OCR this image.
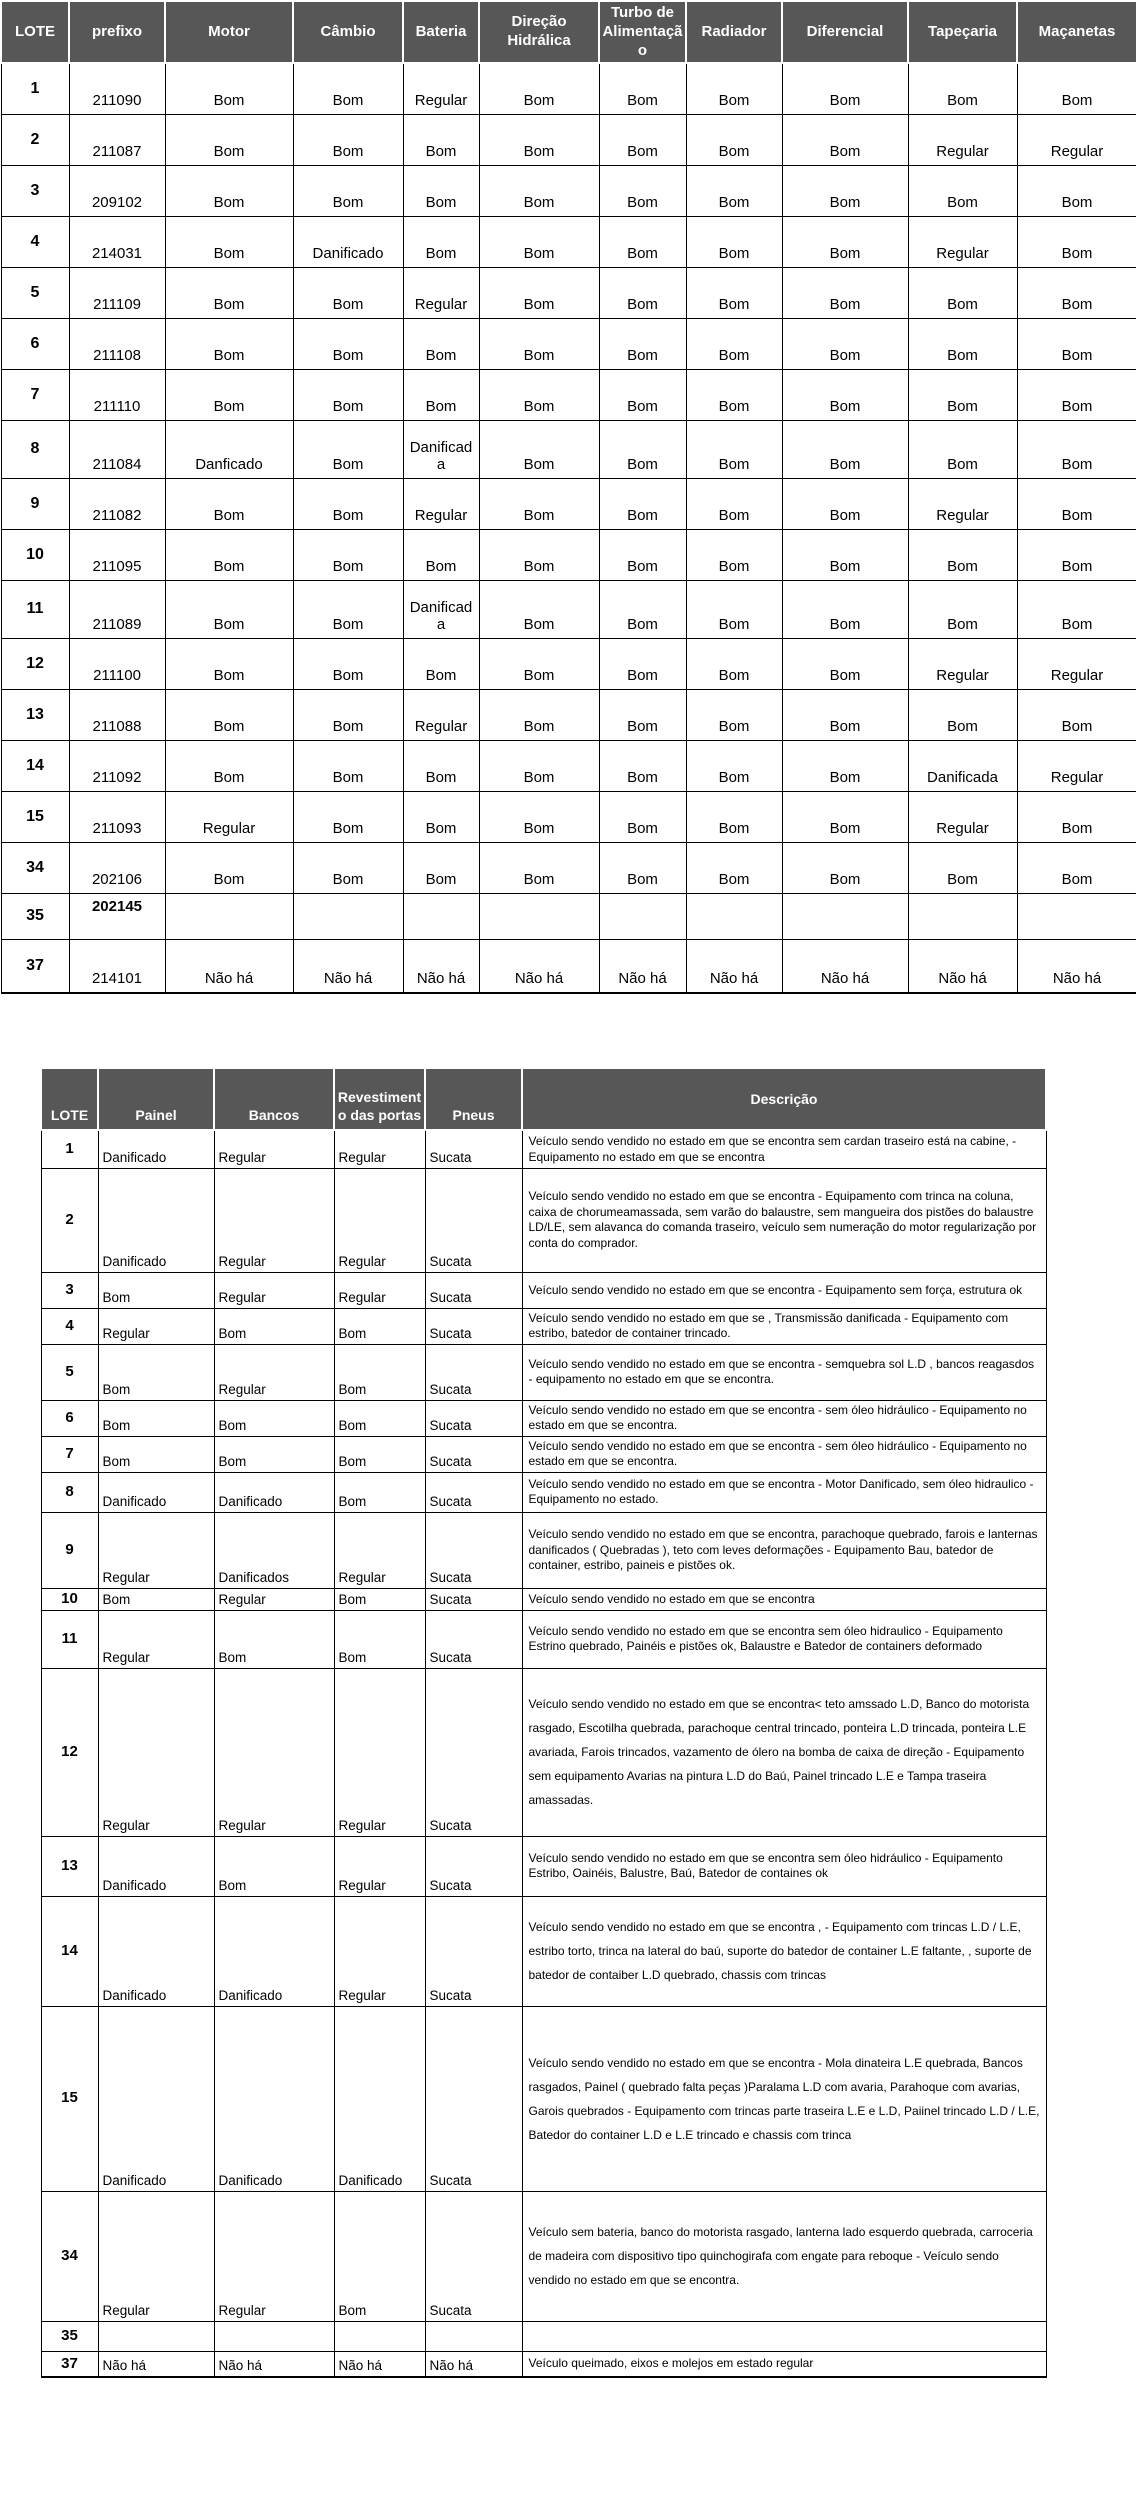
LOTE	prefixo	Motor	Câmbio	Bateria	Direção Hidrálica	Turbo de Alimentação	Radiador	Diferencial	Tapeçaria	Maçanetas
1	211090	Bom	Bom	Regular	Bom	Bom	Bom	Bom	Bom	Bom
2	211087	Bom	Bom	Bom	Bom	Bom	Bom	Bom	Regular	Regular
3	209102	Bom	Bom	Bom	Bom	Bom	Bom	Bom	Bom	Bom
4	214031	Bom	Danificado	Bom	Bom	Bom	Bom	Bom	Regular	Bom
5	211109	Bom	Bom	Regular	Bom	Bom	Bom	Bom	Bom	Bom
6	211108	Bom	Bom	Bom	Bom	Bom	Bom	Bom	Bom	Bom
7	211110	Bom	Bom	Bom	Bom	Bom	Bom	Bom	Bom	Bom
8	211084	Danficado	Bom	Danificada	Bom	Bom	Bom	Bom	Bom	Bom
9	211082	Bom	Bom	Regular	Bom	Bom	Bom	Bom	Regular	Bom
10	211095	Bom	Bom	Bom	Bom	Bom	Bom	Bom	Bom	Bom
11	211089	Bom	Bom	Danificada	Bom	Bom	Bom	Bom	Bom	Bom
12	211100	Bom	Bom	Bom	Bom	Bom	Bom	Bom	Regular	Regular
13	211088	Bom	Bom	Regular	Bom	Bom	Bom	Bom	Bom	Bom
14	211092	Bom	Bom	Bom	Bom	Bom	Bom	Bom	Danificada	Regular
15	211093	Regular	Bom	Bom	Bom	Bom	Bom	Bom	Regular	Bom
34	202106	Bom	Bom	Bom	Bom	Bom	Bom	Bom	Bom	Bom
35	202145									
37	214101	Não há	Não há	Não há	Não há	Não há	Não há	Não há	Não há	Não há
LOTE	Painel	Bancos	Revestimento das portas	Pneus	Descrição
1	Danificado	Regular	Regular	Sucata	Veículo sendo vendido no estado em que se encontra sem cardan traseiro está na cabine, - Equipamento no estado em que se encontra
2	Danificado	Regular	Regular	Sucata	Veículo sendo vendido no estado em que se encontra - Equipamento com trinca na coluna, caixa de chorumeamassada, sem varão do balaustre, sem mangueira dos pistões do balaustre LD/LE, sem alavanca do comanda traseiro, veículo sem numeração do motor regularização por conta do comprador.
3	Bom	Regular	Regular	Sucata	Veículo sendo vendido no estado em que se encontra - Equipamento sem força, estrutura ok
4	Regular	Bom	Bom	Sucata	Veículo sendo vendido no estado em que se , Transmissão danificada - Equipamento com estribo, batedor de container trincado.
5	Bom	Regular	Bom	Sucata	Veículo sendo vendido no estado em que se encontra - semquebra sol L.D , bancos reagasdos - equipamento no estado em que se encontra.
6	Bom	Bom	Bom	Sucata	Veículo sendo vendido no estado em que se encontra - sem óleo hidráulico - Equipamento no estado em que se encontra.
7	Bom	Bom	Bom	Sucata	Veículo sendo vendido no estado em que se encontra - sem óleo hidráulico - Equipamento no estado em que se encontra.
8	Danificado	Danificado	Bom	Sucata	Veículo sendo vendido no estado em que se encontra - Motor Danificado, sem óleo hidraulico - Equipamento no estado.
9	Regular	Danificados	Regular	Sucata	Veículo sendo vendido no estado em que se encontra, parachoque quebrado, farois e lanternas danificados ( Quebradas ), teto com leves deformações - Equipamento Bau, batedor de container, estribo, paineis e pistões ok.
10	Bom	Regular	Bom	Sucata	Veículo sendo vendido no estado em que se encontra
11	Regular	Bom	Bom	Sucata	Veículo sendo vendido no estado em que se encontra sem óleo hidraulico - Equipamento Estrino quebrado, Painéis e pistões ok, Balaustre e Batedor de containers deformado
12	Regular	Regular	Regular	Sucata	Veículo sendo vendido no estado em que se encontra< teto amssado L.D, Banco do motorista rasgado, Escotilha quebrada, parachoque central trincado, ponteira L.D trincada, ponteira L.E avariada, Farois trincados, vazamento de ólero na bomba de caixa de direção - Equipamento sem equipamento Avarias na pintura L.D do Baú, Painel trincado L.E e Tampa traseira amassadas.
13	Danificado	Bom	Regular	Sucata	Veículo sendo vendido no estado em que se encontra sem óleo hidráulico - Equipamento Estribo, Oainéis, Balustre, Baú, Batedor de containes ok
14	Danificado	Danificado	Regular	Sucata	Veículo sendo vendido no estado em que se encontra , - Equipamento com trincas L.D / L.E, estribo torto, trinca na lateral do baú, suporte do batedor de container L.E faltante, , suporte de batedor de contaiber L.D quebrado, chassis com trincas
15	Danificado	Danificado	Danificado	Sucata	Veículo sendo vendido no estado em que se encontra - Mola dinateira L.E quebrada, Bancos rasgados, Painel ( quebrado falta peças )Paralama L.D com avaria, Parahoque com avarias, Garois quebrados - Equipamento com trincas parte traseira L.E e L.D, Paiinel trincado L.D / L.E, Batedor do container L.D e L.E trincado e chassis com trinca
34	Regular	Regular	Bom	Sucata	Veículo sem bateria, banco do motorista rasgado, lanterna lado esquerdo quebrada, carroceria de madeira com dispositivo tipo quinchogirafa com engate para reboque - Veículo sendo vendido no estado em que se encontra.
35					
37	Não há	Não há	Não há	Não há	Veículo queimado, eixos e molejos em estado regular
